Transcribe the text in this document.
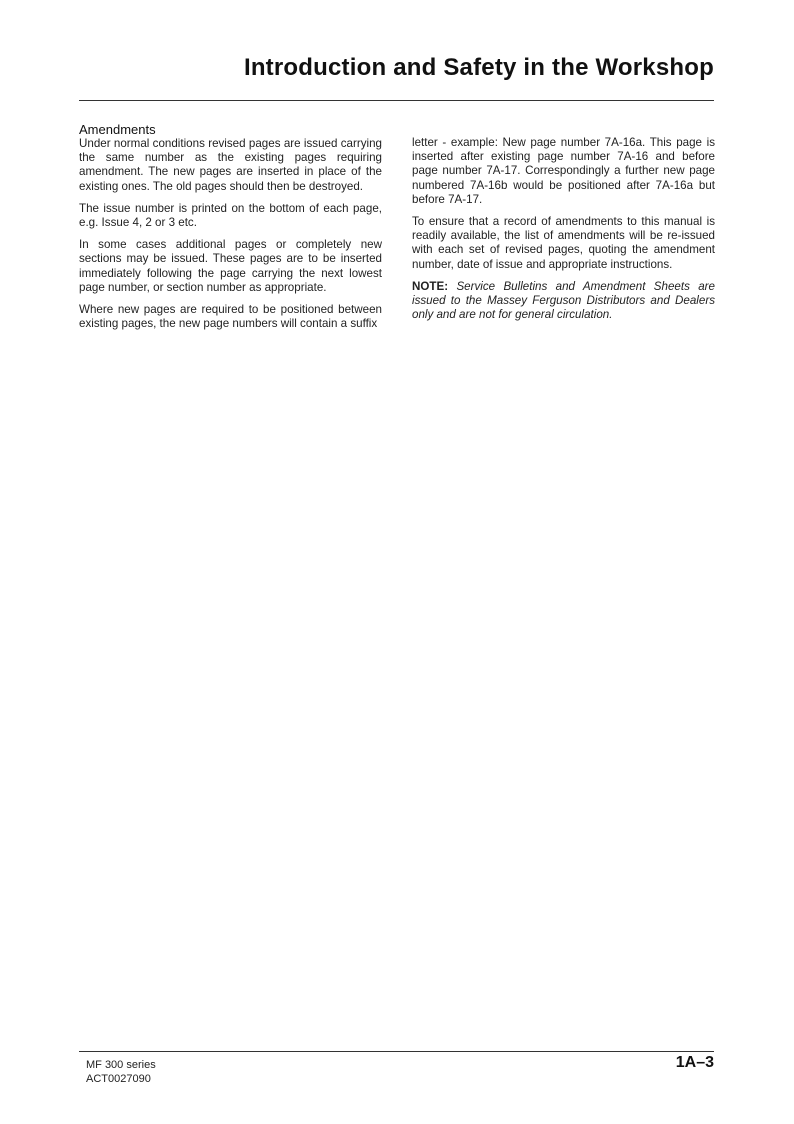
Introduction and Safety in the Workshop
Amendments

Under normal conditions revised pages are issued carrying the same number as the existing pages requiring amendment. The new pages are inserted in place of the existing ones. The old pages should then be destroyed.

The issue number is printed on the bottom of each page, e.g. Issue 4, 2 or 3 etc.

In some cases additional pages or completely new sections may be issued. These pages are to be inserted immediately following the page carrying the next lowest page number, or section number as appropriate.

Where new pages are required to be positioned between existing pages, the new page numbers will contain a suffix

letter - example: New page number 7A-16a. This page is inserted after existing page number 7A-16 and before page number 7A-17. Correspondingly a further new page numbered 7A-16b would be positioned after 7A-16a but before 7A-17.

To ensure that a record of amendments to this manual is readily available, the list of amendments will be re-issued with each set of revised pages, quoting the amendment number, date of issue and appropriate instructions.

NOTE: Service Bulletins and Amendment Sheets are issued to the Massey Ferguson Distributors and Dealers only and are not for general circulation.

MF 300 series
ACT0027090
1A–3
